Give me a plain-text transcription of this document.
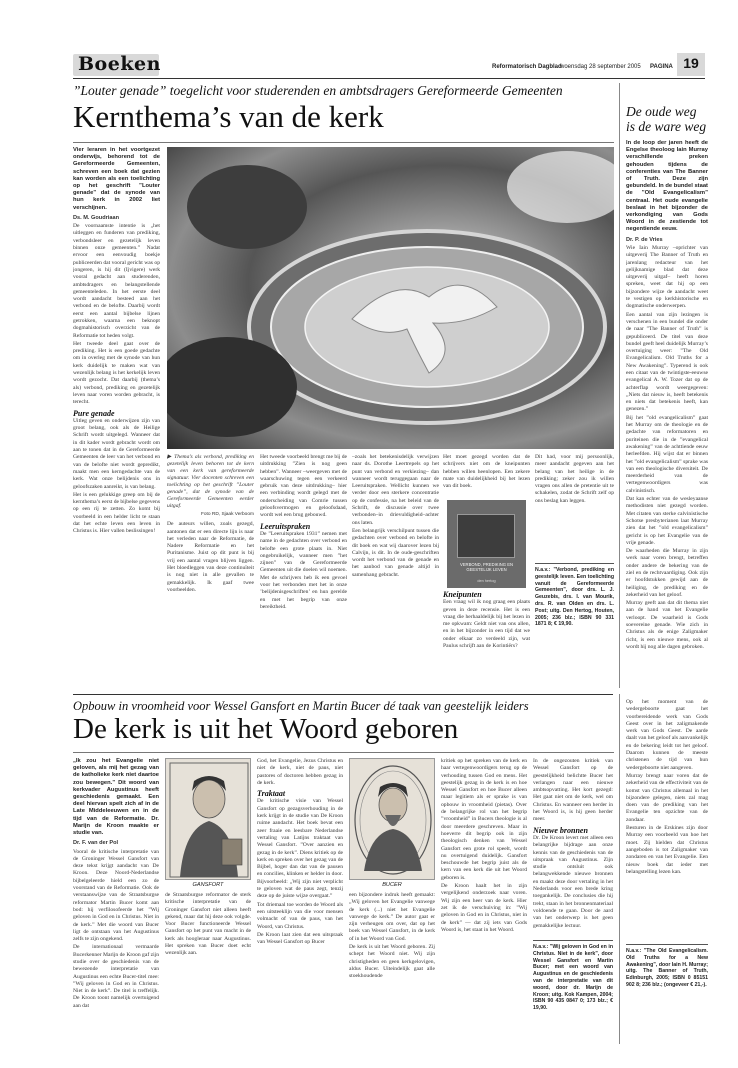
Boeken	Reformatorisch Dagblad
woensdag 28 september 2005 PAGINA 19
”Louter genade” toegelicht voor studerenden en ambtsdragers Gereformeerde Gemeenten
Kernthema’s van de kerk

Vier leraren in het voortgezet onderwijs, behorend tot de Gereformeerde Gemeenten, schreven een boek dat gezien kan worden als een toelichting op het geschrift ”Louter genade” dat de synode van hun kerk in 2002 liet verschijnen.

Ds. M. Goudriaan

De voornaamste intentie is „het uitleggen en funderen van prediking, verbondsleer en gezetelijk leven binnen onze gemeenten.” Nadat ervoor een eenvoudig boekje publiceerden dat vooral gericht was op jongeren, is hij dit (Ijvigere) werk vooral gedacht aan studerenden, ambtsdragers en belangstellende gemeenteleden. In het eerste deel wordt aandacht besteed aan het verbond en de belofte. Daarbij wordt eerst een aantal bijbelse lijnen getrokken, waarna een beknopt dogmahistorisch overzicht van de Reformatie tot heden volgt.

Het tweede deel gaat over de prediking. Het is een goede gedachte om in overleg met de synode van hun kerk duidelijk te maken wat van wezenlijk belang is het kerkelijk leven wordt gezocht. Dat daarbij (thema’s als) verbond, prediking en gezetelijk leven naar voren worden gebracht, is terecht.

Pure genade

Uitleg geven en onderwijzen zijn van groot belang, ook als de Heilige Schrift wordt uitgelegd. Wanneer dat in dit kader wordt gebracht wordt om aan te tonen dat in de Gereformeerde Gemeenten de leer van het verbond en van de belofte niet wordt gepredikt, maakt men een kerngedachte van de kerk. Wat onze belijdenis ons in geloofszaken aanreikt, is van belang.

Het is een gelukkige greep om bij de kernthema’s eerst de bijbelse gegevens op een rij te zetten. Zo komt bij voorbeeld in een helder licht te staan dat het echte leven een leven in Christus is. Hier vallen beslissingen!

▶ Thema’s als verbond, prediking en gezetelijk leven behoren tot de kern van een kerk van gereformeerde signatuur. Vier docenten schreven een toelichting op het geschrift ”Louter genade”, dat de synode van de Gereformeerde Gemeenten eerder uitgaf.

Foto RD, Sjaak Verboom

De auteurs willen, zoals gezegd, aantonen dat er een directe lijn is naar het verleden naar de Reformatie, de Nadere Reformatie en het Puritanisme. Juist op dit punt is bij vrij een aantal vragen blijven liggen. Het bloedleggen van deze continuïteit is nog niet in alle gevallen te gemakkelijk. Ik gaaf twee voorbeelden.

Het tweede voorbeeld brengt me bij de uitdrukking ”Zien is nog geen hebben”. Wanneer –weergeven met de waarschuwing tegen een verkeerd gebruik van deze uitdrukking– hier een verbinding wordt gelegd met de onderscheiding van Comrie tussen geloofsvermogen en geloofsdaad, wordt wel een brug gebouwd.

Leeruitspraken

De ”Leeruitspraken 1931” nemen met name in de gedachten over verbond en belofte een grote plaats in. Niet ongebruikelijk, wanneer men ”het zijnen” van de Gereformeerde Gemeenten uit die doelen wil noemen. Met de schrijvers heb ik een gevoel voor het verbonden met het in onze ’belijdenisgeschriften’ en hun gerelde en met het begrip van onze bereiktheid.

–zoals het betekenisdelijk verwijzen naar ds. Dorothe Leertrepels op het punt van verbond en verkiezing– dan wanneer wordt teruggegaan naar de Leeruitspraken. Wellicht kunnen we verder door een sterkere concentratie op de confessie, na het beleid van de Schrift, de discussie over twee verbonden–in drievuldigheid–achter ons laten.

Een belangrijk verschilpunt tussen die gedachten over verbond en belofte in dit boek en wat wij daarover lezen bij Calvijn, is dit. In de oude-geschriften wordt het verbond van de genade en het aanbod van genade altijd in samenhang gebracht.

Het moet gezegd worden dat de schrijvers niet om de kneipunten hebben willen heenlopen. Een zekere mate van duidelijkheid bij het lezen van dit boek.

VERBOND, PREDIKING EN GEESTELIJK LEVEN
den hertog

Kneipunten

Een vraag wil ik nog graag een plaats geven in deze recensie. Het is een vraag die herhaaldelijk bij het lezen in me opkwam: Geldt niet van ons allen, en in het bijzonder in een tijd dat we onder elkaar zo verdeeld zijn, wat Paulus schrijft aan de Korintiërs?

Dit had, voor mij persoonlijk, meer aandacht gegeven aan het belang van het heilige in de prediking; zeker zou ik willen vragen ons allen de pretentie uit te schakelen, zodat de Schrift zelf op ons beslag kan leggen.

N.a.v.: ”Verbond, prediking en geestelijk leven. Een toelichting vanuit de Gereformeerde Gemeenten”, door drs. L. J. Geuzebis, drs. I. van Mourik, drs. R. van Olden en drs. L. Post; uitg. Den Hertog, Houten, 2005; 236 blz.; ISBN 90 331 1871 8; € 19,90.

De oude weg is de ware weg

In de loop der jaren heeft de Engelse theoloog Iain Murray verschillende preken gehouden tijdens de conferenties van The Banner of Truth. Deze zijn gebundeld. In de bundel staat de ”Old Evangelicalism” centraal. Het oude evangelie beslaat in het bijzonder de verkondiging van Gods Woord in de zestiende tot negentiende eeuw.

Dr. P. de Vries

Wie Iain Murray –oprichter van uitgeverij The Banner of Truth en jarenlang redacteur van het gelijknamige blad dat deze uitgeverij uitgaf– heeft horen spreken, weet dat hij op een bijzondere wijze de aandacht weet te vestigen op kerkhistorische en dogmatische onderwerpen.

Een aantal van zijn lezingen is verschenen in een bundel die onder de naar ”The Banner of Truth” is gepubliceerd. De titel van deze bundel geeft heel duidelijk Murray’s overtuiging weer: ”The Old Evangelicalism. Old Truths for a New Awakening”. Typerend is ook een citaat van de twintigste-eeuwse evangelical A. W. Tozer dat op de achterflap wordt weergegeven: „Niets dat nieuw is, heeft betekenis en niets dat betekenis heeft, kan genezen.”

Bij het ”old evangelicalism” gaat het Murray om de theologie en de gedachte van reformatoren en puriteinen die in de ”evangelical awakening” van de achttiende eeuw herleefden. Hij wijst dat er binnen het ”old evangelicalism” sprake was van een theologische diversiteit. De meerderheid van de vertegenwoordigers was calvinistisch.

Dat kan echter van de wesleyaanse methodisten niet gezegd worden. Met citaten van sterke calvinistische Schotse presbyterianen laat Murray zien dat het ”old evangelicalism” gericht is op het Evangelie van de vrije genade.

De waarheden die Murray in zijn werk naar voren brengt, betreffen onder andere de bekering van de ziel en de rechtvaardiging. Ook zijn er hoofdstukken gewijd aan de heiliging, de prediking en de zekerheid van het geloof.

Murray geeft aan dat dit thema niet aan de hand van het Evangelie verloopt. De waarheid is Gods soevereine genade. Wie zich in Christus als de enige Zaligmaker richt, is een nieuwe mens, ook al wordt hij nog alle dagen gebroken.

Opbouw in vroomheid voor Wessel Gansfort en Martin Bucer dé taak van geestelijk leiders
De kerk is uit het Woord geboren

„Ik zou het Evangelie niet geloven, als mij het gezag van de katholieke kerk niet daartoe zou bewegen.” Dit woord van kerkvader Augustinus heeft geschiedenis gemaakt. Een deel hiervan spelt zich af in de Late Middeleeuwen en in de tijd van de Reformatie. Dr. Marijn de Kroon maakte er studie van.

Dr. F. van der Pol

Vooral de kritische interpretatie van de Groninger Wessel Gansfort van deze tekst krijgt aandacht van De Kroon. Deze Noord-Nederlandse bijbelgeleerde hield een zo de voorstand van de Reformatie. Ook de verstaanswijze van de Straatsburgse reformator Martin Bucer komt aan bod: hij verfilosofeerde het ”Wij geloven in God en in Christus. Niet in de kerk.” Met die woord van Bucer ligt de ontstaan van het Augustinus zelfs te zijn ongekend.

De internationaal vermaarde Bucerkenner Marijn de Kroon gaf zijn studie over de geschiedenis van de bewezende interpretatie van Augustinus een echte Bucer-titel mee: ”Wij geloven in God en in Christus. Niet in de kerk”. De titel is treffelijk. De Kroon toont namelijk overtuigend aan dat

GANSFORT

de Straatsburgse reformator de sterk kritische interpretatie van de Groninger Gansfort niet alleen heeft gekend, maar dat hij deze ook volgde. Voor Bucer functioneerde Wessel Gansfort op het punt van macht in de kerk als hoogleraar naar Augustinus. Het spreken van Bucer doet echt wezenlijk aan.

God, het Evangelie, Jezus Christus en niet de kerk, niet de paus, niet pastores of doctoren hebben gezag in de kerk.

Traktaat

De kritische visie van Wessel Gansfort op gezagsverhouding in de kerk krijgt in de studie van De Kroon ruime aandacht. Het boek bevat een zeer fraaie en leesbare Nederlandse vertaling van Latijns traktaat van Wessel Gansfort. ”Over aanzien en gezag in de kerk”. Diens kritiek op de kerk en spreken over het gezag van de Bijbel, hoger dan dat van de pausen en concilies, klinken er helder in door. Bijvoorbeeld: „Wij zijn niet verplicht te geloven wat de paus zegt, tenzij deze op de juiste wijze overgaat.”

Tot driemaal toe worden de Woord als een uitsteeklijn van die voor mensen volmacht of van de paus, van het Woord, van Christus.

De Kroon laat zien dat een uitspraak van Wessel Gansfort op Bucer

BUCER

een bijzondere indruk heeft gemaakt: „Wij geloven het Evangelie vanwege de kerk (...) niet het Evangelie vanwege de kerk.” De autor gaat er zijn verheugen om over, dat op het boek van Wessel Gansfort, in de kerk of in het Woord van God.

De kerk is uit het Woord geboren. Zij schept het Woord niet. Wij zijn christigheden en geen kerkgelovigen, aldus Bucer. Uiteindelijk gaat alle stoekhoudende

kritiek op het spreken van de kerk en haar vertegenwoordigers terug op de verhouding tussen God en mens. Het geestelijk gezag in de kerk is en hoe Wessel Gansfort en hoe Bucer alleen maar legitiem als er sprake is van opbouw in vroomheid (pietas). Over de belangrijke rol van het begrip ”vroomheid” in Bucers theologie is al door meerdere geschreven. Maar in hoeverre dit begrip ook in zijn theologisch denken van Wessel Gansfort een grote rol speelt, wordt nu overtuigend duidelijk. Gansfort beschouwde het begrip juist als de kern van een kerk die uit het Woord geboren is.

De Kroon haalt het in zijn vergelijkend onderzoek naar voren. Wij zijn een heer van de kerk. Hier zet ik de verschuiving in: ”Wij geloven in God en in Christus, niet in de kerk” — dat zij iets van Gods Woord is, het staat in het Woord.

In de ongezouten kritiek van Wessel Gansfort op de geestelijkheid belichtte Bucer het verlangen naar een nieuwe ambtsopvatting. Het kort gezegd: Het gaat niet om de kerk, wel om Christus. En wanneer een herder in het Woord is, is hij geen herder meer.

Nieuwe bronnen

Dr. De Kroon levert met alleen een belangrijke bijdrage aan onze kennis van de geschiedenis van de uitspraak van Augustinus. Zijn studie ontsluit ook belangwekkende nieuwe bronnen en maakt deze door vertaling in het Nederlands voor een brede kring toegankelijk. De conclusies die hij trekt, staan in het bronnenmateriaal voldoende te gaan. Door de aard van het onderwerp is het geen gemakkelijke lectuur.

N.a.v.: ”Wij geloven in God en in Christus. Niet in de kerk”, door Wessel Gansfort en Martin Bucer; met een woord van Augustinus en de geschiedenis van de interpretatie van dit woord, door dr. Marijn de Kroon; uitg. Kok Kampen, 2004; ISBN 90 435 0847 0; 173 blz.; € 19,90.

Op het moment van de wedergeboorte gaat het voorbereidende werk van Gods Geest over in het zaligmakende werk van Gods Geest. De aarde daalt van het geloof als aanvankelijk en de bekering leidt tot het geloof. Daarom kunnen de meeste christenen de tijd van hun wedergeboorte niet aangeven.

Murray brengt naar voren dat de zekerheid van de effectiviteit van de komst van Christus allemaal in het bijzondere gelegen, niets zal mag doen van de prediking van het Evangelie ten opzichte van de zondaar.

Besturen in de Erskines zijn door Murray een voorbeeld van hoe het moet. Zij hielden dat Christus aangeboden is tot Zaligmaker van zondaren en van het Evangelie. Een nieuw boek dat ieder met belangstelling lezen kan.

N.a.v.: ”The Old Evangelicalism. Old Truths for a New Awakening”, door Iain H. Murray; uitg. The Banner of Truth, Edinburgh, 2005; ISBN 0 85151 902 8; 236 blz.; (ongeveer € 21,-).
